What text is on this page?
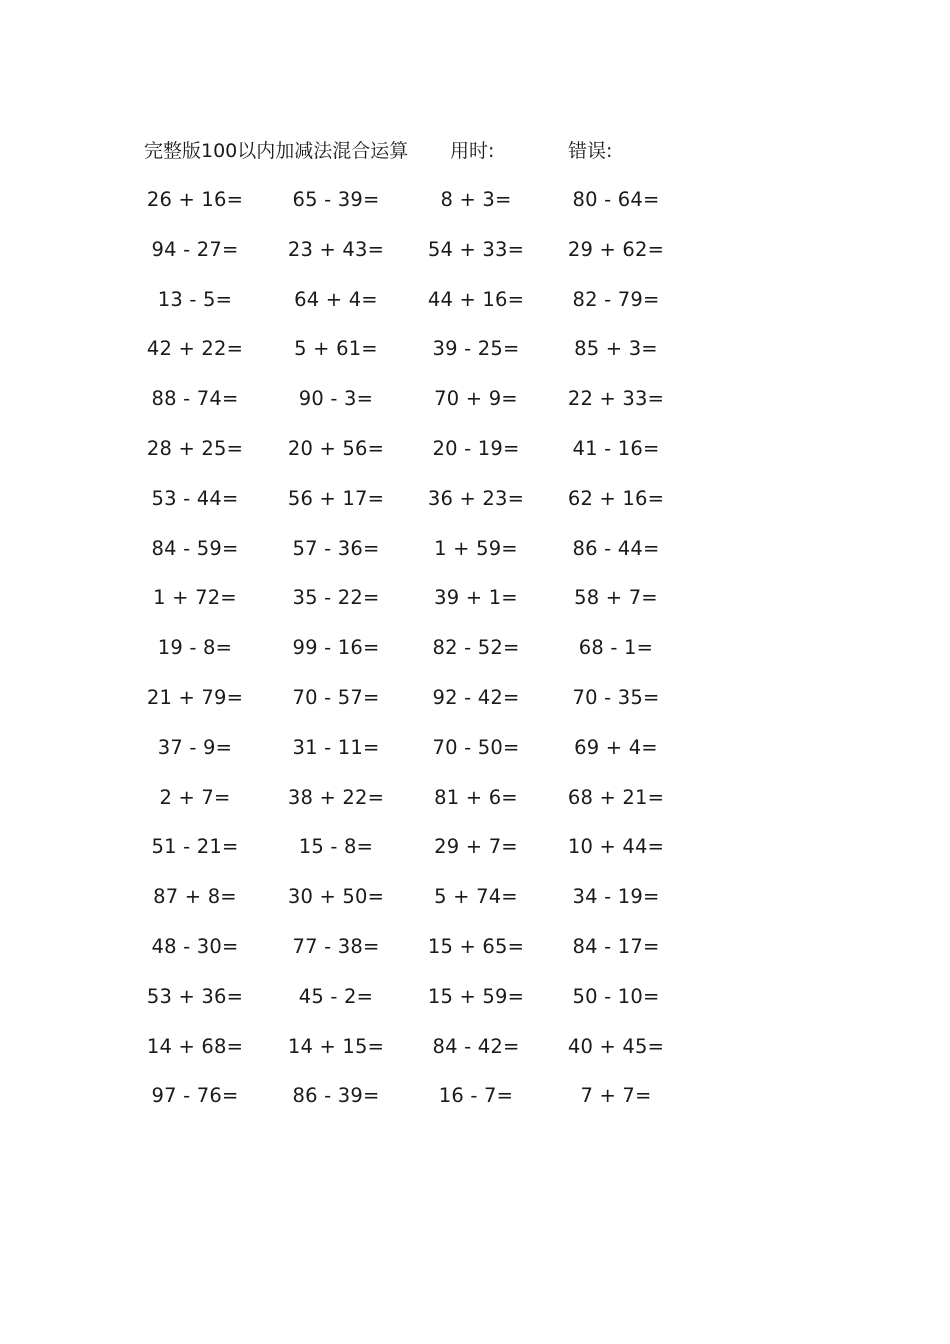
完整版100以内加减法混合运算 用时:	错误:
26 + 16=	65 - 39=	8 + 3=	80 - 64=
94 - 27=	23 + 43=	54 + 33=	29 + 62=
13 - 5=	64 + 4=	44 + 16=	82 - 79=
42 + 22=	5 + 61=	39 - 25=	85 + 3=
88 - 74=	90 - 3=	70 + 9=	22 + 33=
28 + 25=	20 + 56=	20 - 19=	41 - 16=
53 - 44=	56 + 17=	36 + 23=	62 + 16=
84 - 59=	57 - 36=	1 + 59=	86 - 44=
1 + 72=	35 - 22=	39 + 1=	58 + 7=
19 - 8=	99 - 16=	82 - 52=	68 - 1=
21 + 79=	70 - 57=	92 - 42=	70 - 35=
37 - 9=	31 - 11=	70 - 50=	69 + 4=
2 + 7=	38 + 22=	81 + 6=	68 + 21=
51 - 21=	15 - 8=	29 + 7=	10 + 44=
87 + 8=	30 + 50=	5 + 74=	34 - 19=
48 - 30=	77 - 38=	15 + 65=	84 - 17=
53 + 36=	45 - 2=	15 + 59=	50 - 10=
14 + 68=	14 + 15=	84 - 42=	40 + 45=
97 - 76=	86 - 39=	16 - 7=	7 + 7=
